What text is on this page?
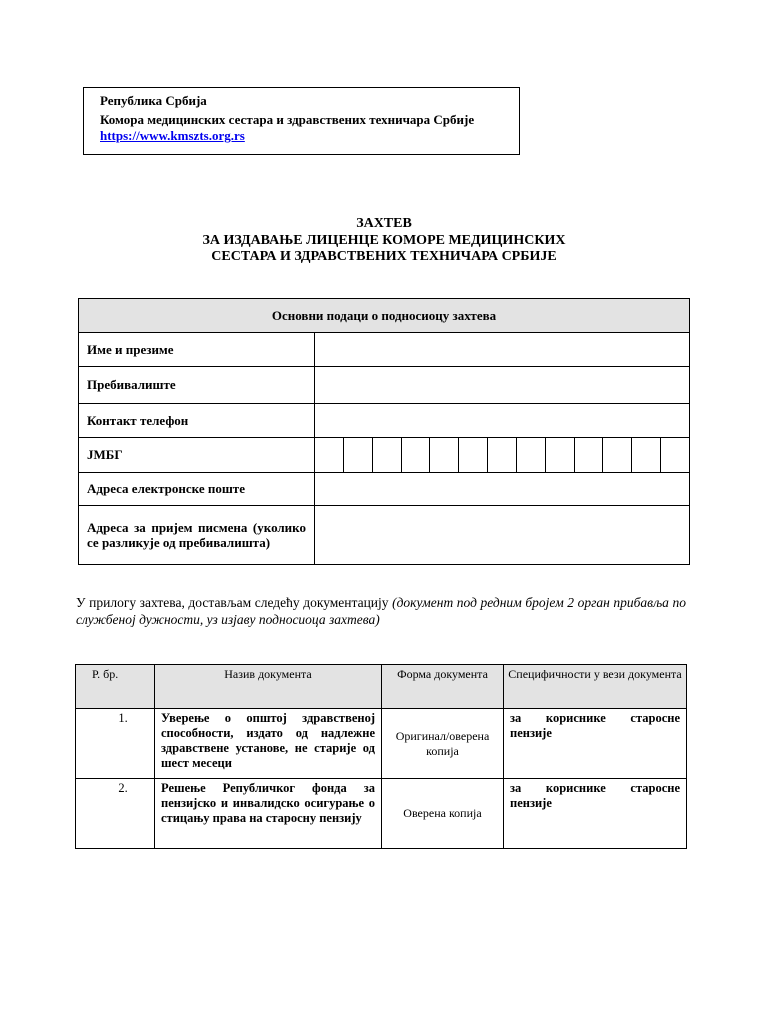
Република Србија
Комора медицинских сестара и здравствених техничара Србије
https://www.kmszts.org.rs
ЗАХТЕВ
ЗА ИЗДАВАЊЕ ЛИЦЕНЦЕ КОМОРЕ МЕДИЦИНСКИХ
СЕСТАРА И ЗДРАВСТВЕНИХ ТЕХНИЧАРА СРБИЈЕ
Основни подаци о подносиоцу захтева	
Име и презиме	
Пребивалиште	
Контакт телефон	
ЈМБГ	

Адреса електронске поште	
Адреса за пријем писмена (уколико се разликује од пребивалишта)	
У прилогу захтева, достављам следећу документацију (документ под редним бројем 2 орган прибавља по службеној дужности, уз изјаву подносиоца захтева)
Р. бр.	Назив документа	Форма документа	Специфичности у вези документа
1.	Уверење о општој здравственој способности, издато од надлежне здравствене установе, не старије од шест месеци	Оригинал/оверена копија	за кориснике старосне пензије
2.	Решење Републичког фонда за пензијско и инвалидско осигурање о стицању права на старосну пензију	Оверена копија	за кориснике старосне пензије
